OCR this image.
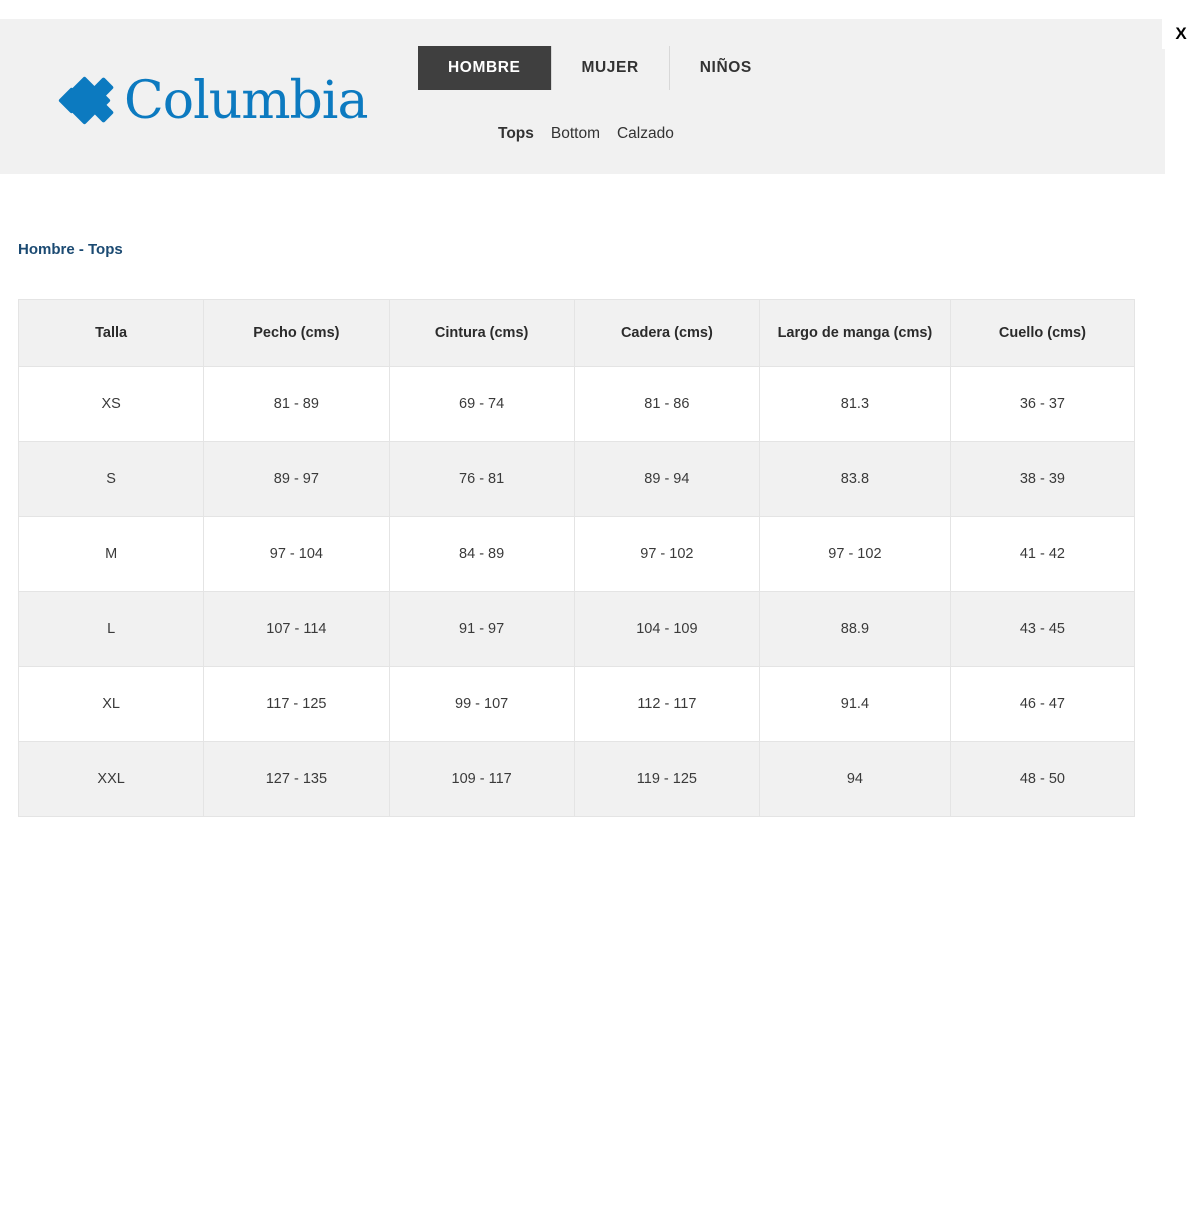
X
Columbia
HOMBRE	MUJER	NIÑOS
Tops Bottom Calzado
Hombre - Tops
Talla	Pecho (cms)	Cintura (cms)	Cadera (cms)	Largo de manga (cms)	Cuello (cms)
XS	81 - 89	69 - 74	81 - 86	81.3	36 - 37
S	89 - 97	76 - 81	89 - 94	83.8	38 - 39
M	97 - 104	84 - 89	97 - 102	97 - 102	41 - 42
L	107 - 114	91 - 97	104 - 109	88.9	43 - 45
XL	117 - 125	99 - 107	112 - 117	91.4	46 - 47
XXL	127 - 135	109 - 117	119 - 125	94	48 - 50
